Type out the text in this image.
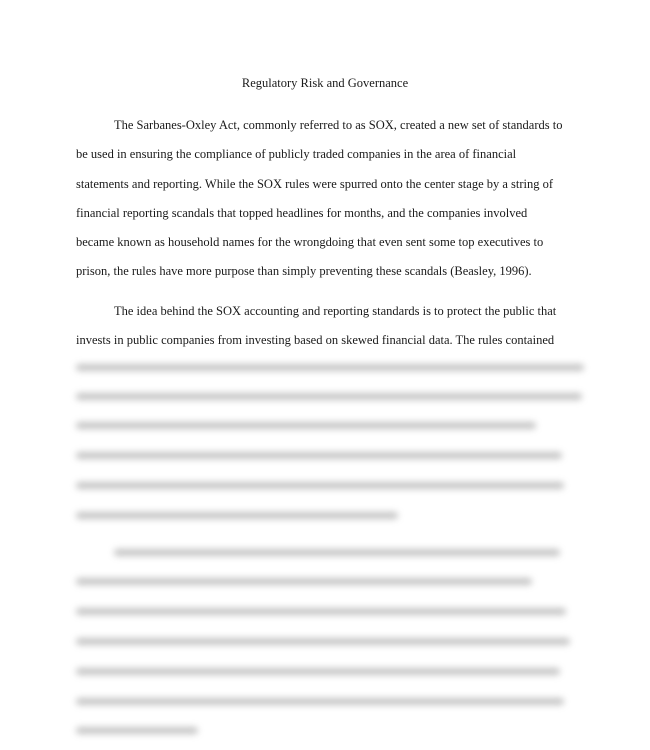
Regulatory Risk and Governance
The Sarbanes-Oxley Act, commonly referred to as SOX, created a new set of standards to
be used in ensuring the compliance of publicly traded companies in the area of financial
statements and reporting. While the SOX rules were spurred onto the center stage by a string of
financial reporting scandals that topped headlines for months, and the companies involved
became known as household names for the wrongdoing that even sent some top executives to
prison, the rules have more purpose than simply preventing these scandals (Beasley, 1996).
The idea behind the SOX accounting and reporting standards is to protect the public that
invests in public companies from investing based on skewed financial data. The rules contained
